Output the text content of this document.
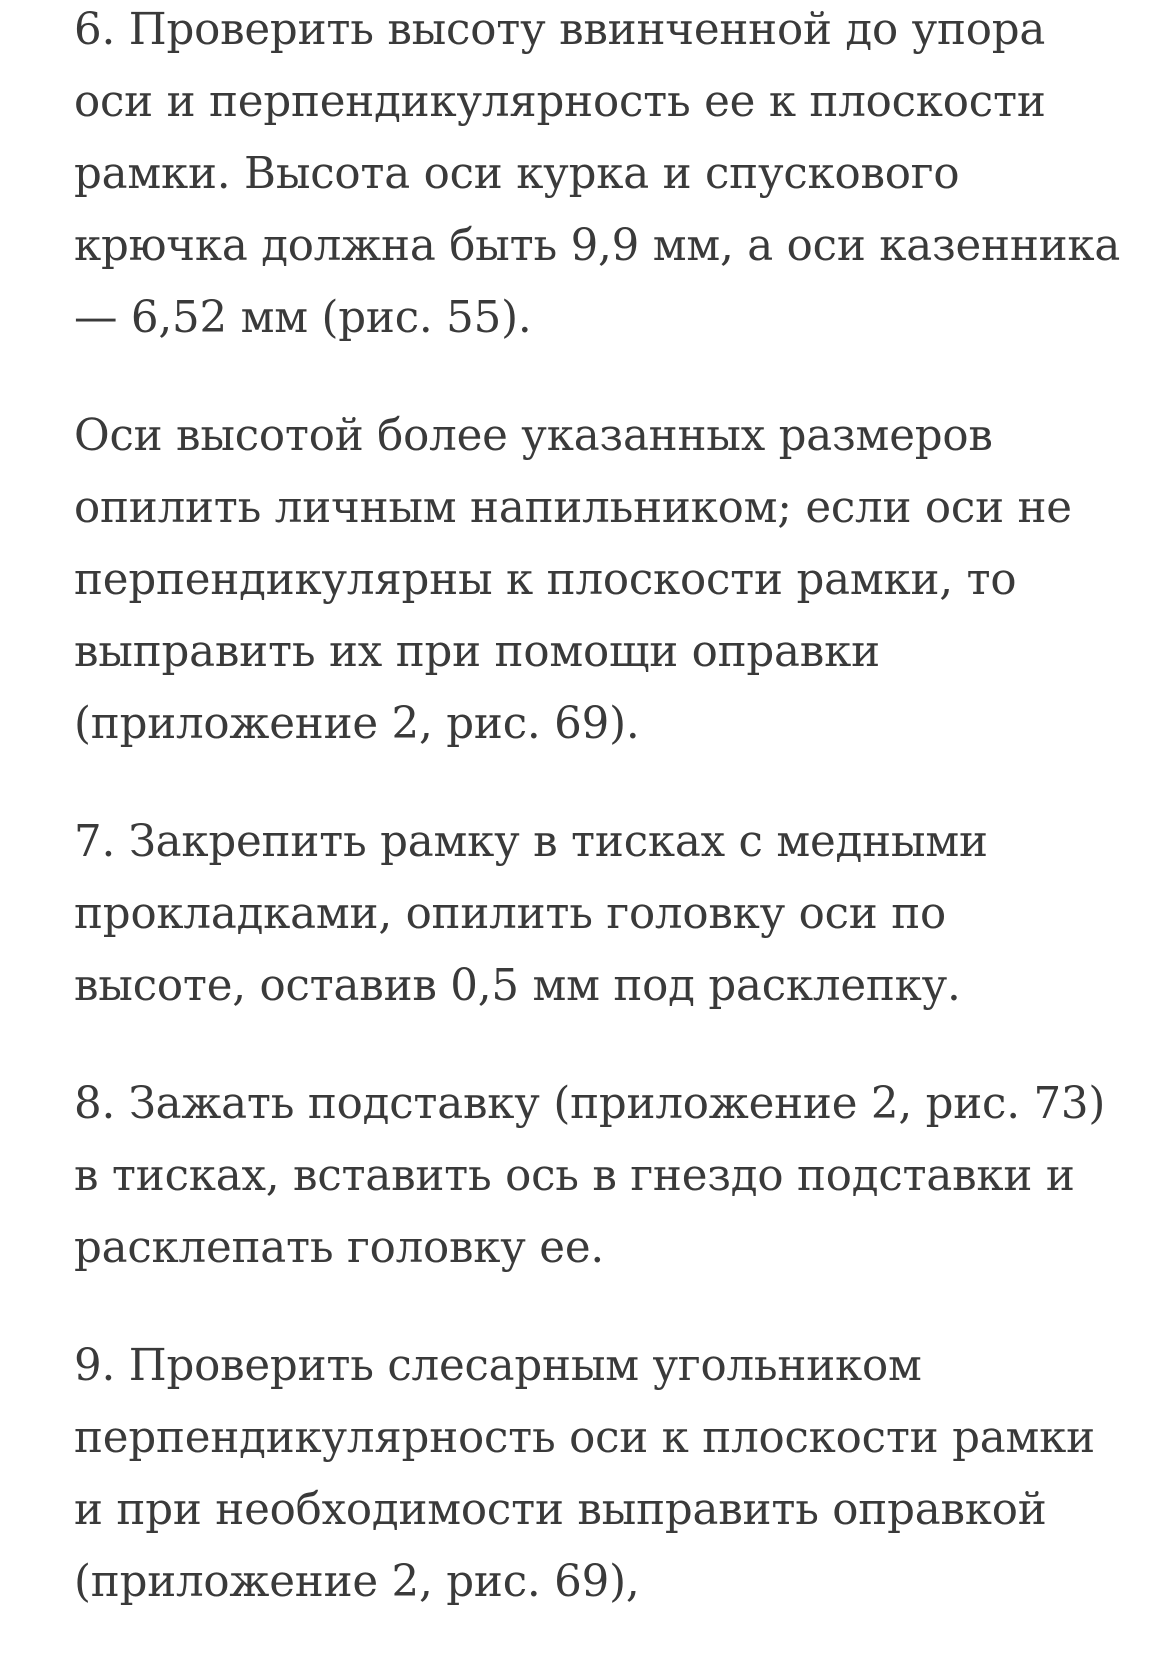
6. Проверить высоту ввинченной до упора
оси и перпендикулярность ее к плоскости
рамки. Высота оси курка и спускового
крючка должна быть 9,9 мм, а оси казенника
— 6,52 мм (рис. 55).

Оси высотой более указанных размеров
опилить личным напильником; если оси не
перпендикулярны к плоскости рамки, то
выправить их при помощи оправки
(приложение 2, рис. 69).

7. Закрепить рамку в тисках с медными
прокладками, опилить головку оси по
высоте, оставив 0,5 мм под расклепку.

8. Зажать подставку (приложение 2, рис. 73)
в тисках, вставить ось в гнездо подставки и
расклепать головку ее.

9. Проверить слесарным угольником
перпендикулярность оси к плоскости рамки
и при необходимости выправить оправкой
(приложение 2, рис. 69),
